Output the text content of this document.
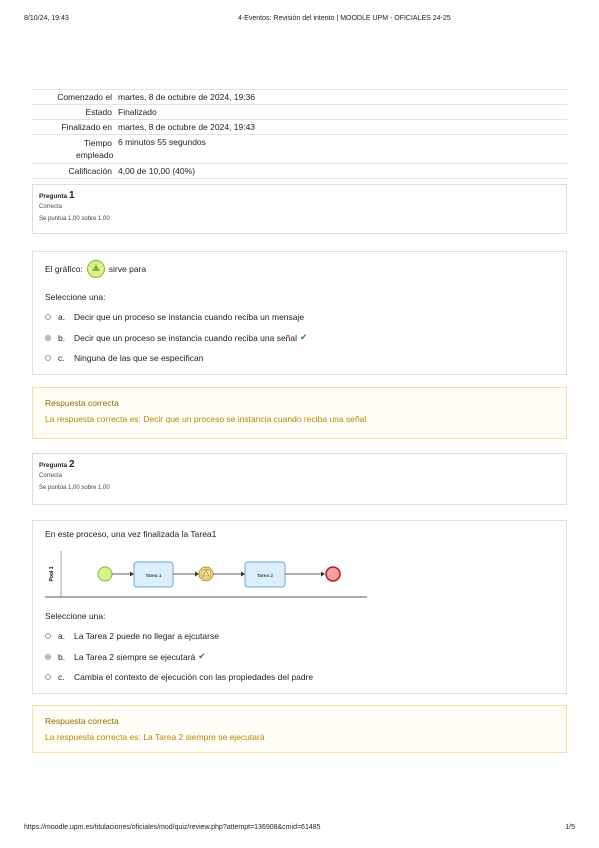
8/10/24, 19:43	4-Eventos: Revisión del intento | MOODLE UPM - OFICIALES 24-25
Comenzado el martes, 8 de octubre de 2024, 19:36
Estado Finalizado
Finalizado en martes, 8 de octubre de 2024, 19:43
Tiempo empleado
6 minutos 55 segundos
Calificación 4,00 de 10,00 (40%)
Pregunta 1
Correcta
Se puntúa 1,00 sobre 1,00
El gráfico:	sirve para
Seleccione una:
a.	Decir que un proceso se instancia cuando reciba un mensaje
b.	Decir que un proceso se instancia cuando reciba una señal ✔
c.	Ninguna de las que se especifican
Respuesta correcta
La respuesta correcta es: Decir que un proceso se instancia cuando reciba una señal
Pregunta 2
Correcta
Se puntúa 1,00 sobre 1,00
En este proceso, una vez finalizada la Tarea1
Pool 1	Tarea 1	Tarea 2
Seleccione una:
a.	La Tarea 2 puede no llegar a ejcutarse
b.	La Tarea 2 siempre se ejecutará ✔
c.	Cambia el contexto de ejecución con las propiedades del padre
Respuesta correcta
La respuesta correcta es: La Tarea 2 siempre se ejecutará
https://moodle.upm.es/titulaciones/oficiales/mod/quiz/review.php?attempt=136908&cmid=61485	1/5
